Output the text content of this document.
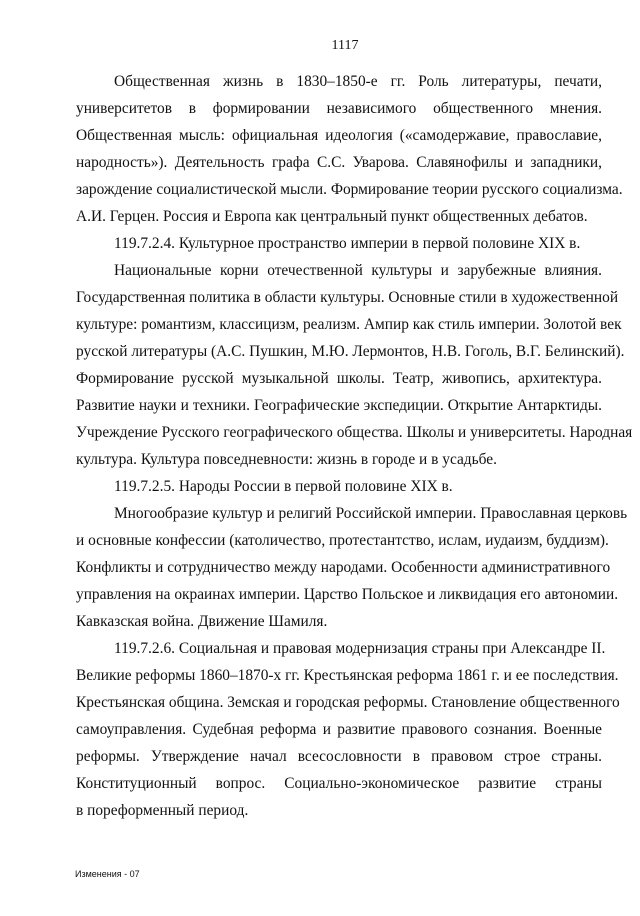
1117
Общественная жизнь в 1830–1850-е гг. Роль литературы, печати,
университетов в формировании независимого общественного мнения.
Общественная мысль: официальная идеология («самодержавие, православие,
народность»). Деятельность графа С.С. Уварова. Славянофилы и западники,
зарождение социалистической мысли. Формирование теории русского социализма.
А.И. Герцен. Россия и Европа как центральный пункт общественных дебатов.
119.7.2.4. Культурное пространство империи в первой половине XIX в.
Национальные корни отечественной культуры и зарубежные влияния.
Государственная политика в области культуры. Основные стили в художественной
культуре: романтизм, классицизм, реализм. Ампир как стиль империи. Золотой век
русской литературы (А.С. Пушкин, М.Ю. Лермонтов, Н.В. Гоголь, В.Г. Белинский).
Формирование русской музыкальной школы. Театр, живопись, архитектура.
Развитие науки и техники. Географические экспедиции. Открытие Антарктиды.
Учреждение Русского географического общества. Школы и университеты. Народная
культура. Культура повседневности: жизнь в городе и в усадьбе.
119.7.2.5. Народы России в первой половине XIX в.
Многообразие культур и религий Российской империи. Православная церковь
и основные конфессии (католичество, протестантство, ислам, иудаизм, буддизм).
Конфликты и сотрудничество между народами. Особенности административного
управления на окраинах империи. Царство Польское и ликвидация его автономии.
Кавказская война. Движение Шамиля.
119.7.2.6. Социальная и правовая модернизация страны при Александре II.
Великие реформы 1860–1870-х гг. Крестьянская реформа 1861 г. и ее последствия.
Крестьянская община. Земская и городская реформы. Становление общественного
самоуправления. Судебная реформа и развитие правового сознания. Военные
реформы. Утверждение начал всесословности в правовом строе страны.
Конституционный вопрос. Социально-экономическое развитие страны
в пореформенный период.
Изменения - 07
